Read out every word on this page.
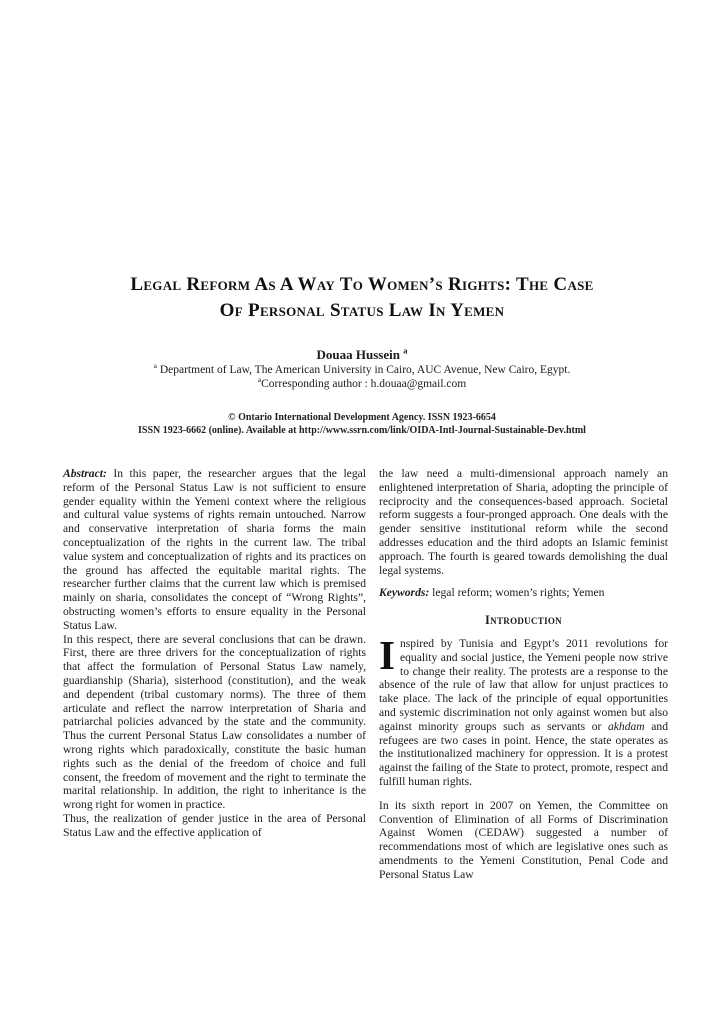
Legal Reform As A Way To Women’s Rights: The Case
Of Personal Status Law In Yemen
Douaa Hussein $^a$
$^a$ Department of Law, The American University in Cairo, AUC Avenue, New Cairo, Egypt.
$^a$Corresponding author : h.douaa@gmail.com
© Ontario International Development Agency. ISSN 1923-6654
ISSN 1923-6662 (online). Available at http://www.ssrn.com/link/OIDA-Intl-Journal-Sustainable-Dev.html

Abstract: In this paper, the researcher argues that the legal reform of the Personal Status Law is not sufficient to ensure gender equality within the Yemeni context where the religious and cultural value systems of rights remain untouched. Narrow and conservative interpretation of sharia forms the main conceptualization of the rights in the current law. The tribal value system and conceptualization of rights and its practices on the ground has affected the equitable marital rights. The researcher further claims that the current law which is premised mainly on sharia, consolidates the concept of “Wrong Rights”, obstructing women’s efforts to ensure equality in the Personal Status Law.

In this respect, there are several conclusions that can be drawn. First, there are three drivers for the conceptualization of rights that affect the formulation of Personal Status Law namely, guardianship (Sharia), sisterhood (constitution), and the weak and dependent (tribal customary norms). The three of them articulate and reflect the narrow interpretation of Sharia and patriarchal policies advanced by the state and the community. Thus the current Personal Status Law consolidates a number of wrong rights which paradoxically, constitute the basic human rights such as the denial of the freedom of choice and full consent, the freedom of movement and the right to terminate the marital relationship. In addition, the right to inheritance is the wrong right for women in practice.

Thus, the realization of gender justice in the area of Personal Status Law and the effective application of

the law need a multi-dimensional approach namely an enlightened interpretation of Sharia, adopting the principle of reciprocity and the consequences-based approach. Societal reform suggests a four-pronged approach. One deals with the gender sensitive institutional reform while the second addresses education and the third adopts an Islamic feminist approach. The fourth is geared towards demolishing the dual legal systems.

Keywords: legal reform; women’s rights; Yemen

Introduction

Inspired by Tunisia and Egypt’s 2011 revolutions for equality and social justice, the Yemeni people now strive to change their reality. The protests are a response to the absence of the rule of law that allow for unjust practices to take place. The lack of the principle of equal opportunities and systemic discrimination not only against women but also against minority groups such as servants or akhdam and refugees are two cases in point. Hence, the state operates as the institutionalized machinery for oppression. It is a protest against the failing of the State to protect, promote, respect and fulfill human rights.

In its sixth report in 2007 on Yemen, the Committee on Convention of Elimination of all Forms of Discrimination Against Women (CEDAW) suggested a number of recommendations most of which are legislative ones such as amendments to the Yemeni Constitution, Penal Code and Personal Status Law
